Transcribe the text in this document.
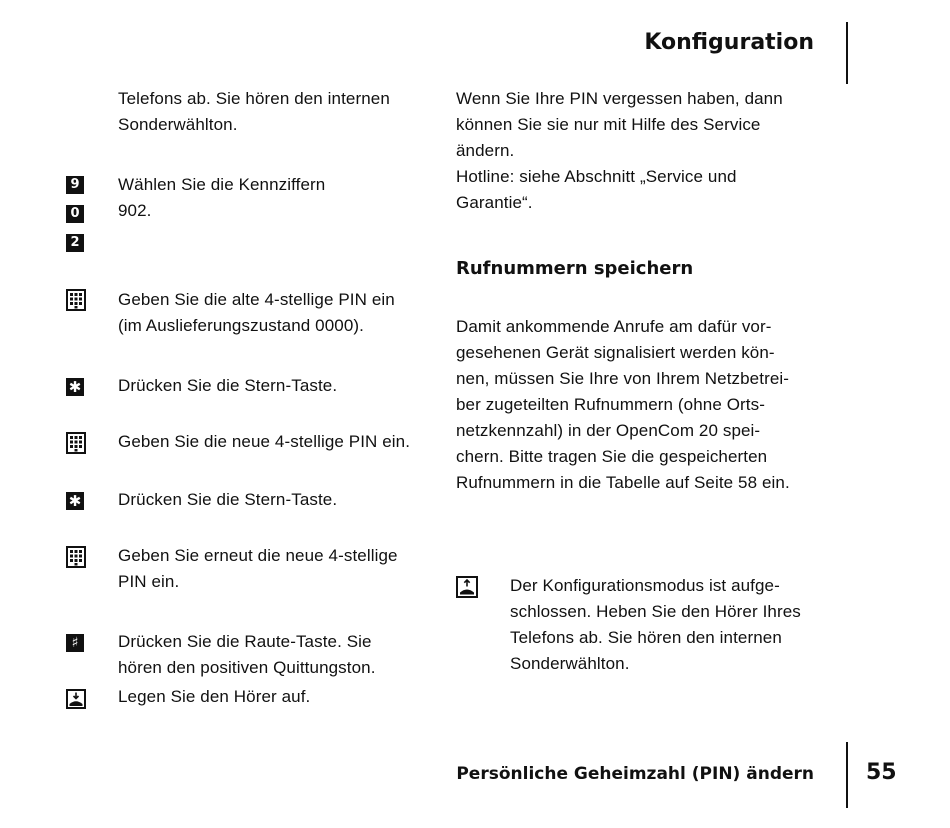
Konfiguration
Telefons ab. Sie hören den internen
Sonderwählton.
9
0
2
Wählen Sie die Kennziffern
902.
Geben Sie die alte 4-stellige PIN ein
(im Auslieferungszustand 0000).
✱ Drücken Sie die Stern-Taste.
Geben Sie die neue 4-stellige PIN ein.
✱ Drücken Sie die Stern-Taste.
Geben Sie erneut die neue 4-stellige
PIN ein.
♯	Drücken Sie die Raute-Taste. Sie
hören den positiven Quittungston.
Legen Sie den Hörer auf.
Wenn Sie Ihre PIN vergessen haben, dann
können Sie sie nur mit Hilfe des Service
ändern.
Hotline: siehe Abschnitt „Service und
Garantie“.
Rufnummern speichern
Damit ankommende Anrufe am dafür vor-
gesehenen Gerät signalisiert werden kön-
nen, müssen Sie Ihre von Ihrem Netzbetrei-
ber zugeteilten Rufnummern (ohne Orts-
netzkennzahl) in der OpenCom 20 spei-
chern. Bitte tragen Sie die gespeicherten
Rufnummern in die Tabelle auf Seite 58 ein.
Der Konfigurationsmodus ist aufge-
schlossen. Heben Sie den Hörer Ihres
Telefons ab. Sie hören den internen
Sonderwählton.
Persönliche Geheimzahl (PIN) ändern 55
